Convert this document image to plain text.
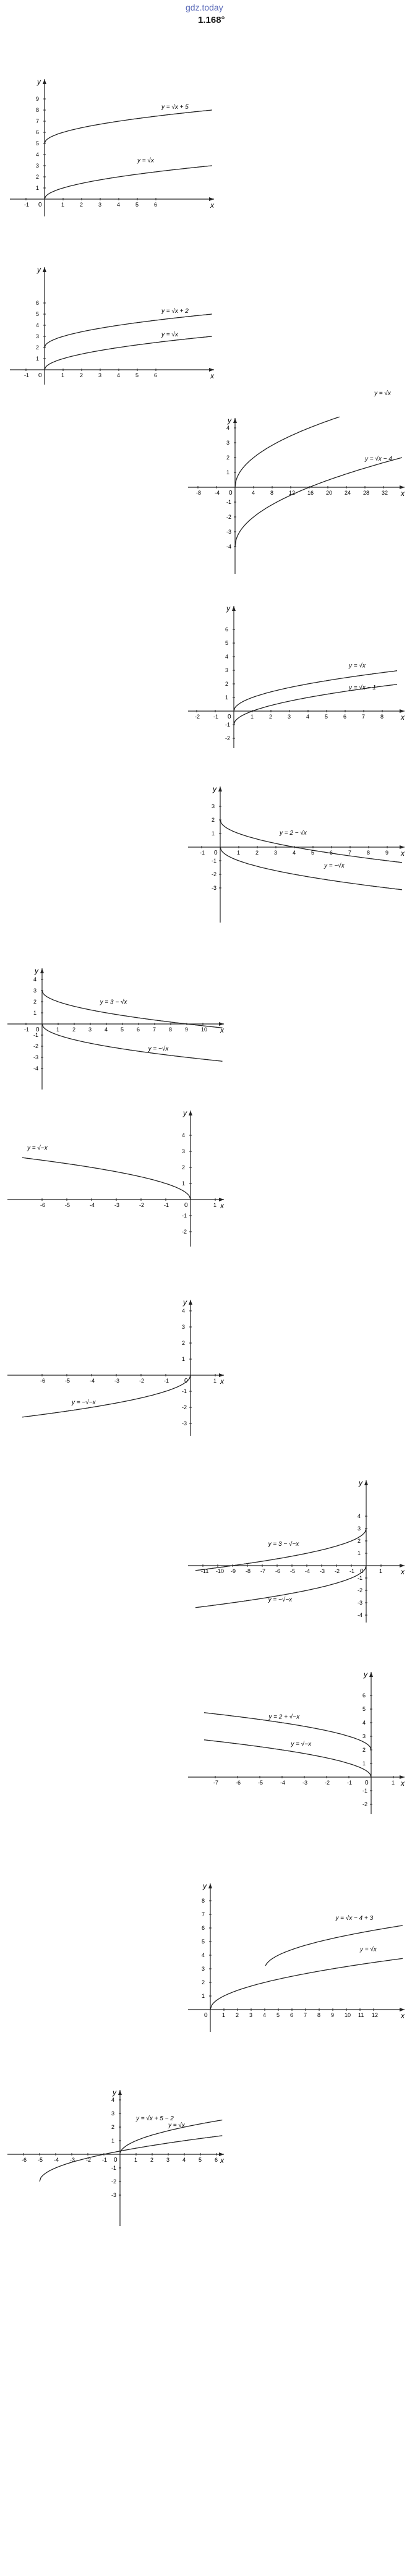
gdz.today
1.168°
x
y
0
-1	1	2	3	4	5	6
1
2
3
4
5
6
7
8
9
y = √x + 5
y = √x
x
y
0
-1	1	2	3	4	5	6
1
2
3
4
5
6
y = √x + 2
y = √x
x
y
0
-8 -4	4	8	12 16 20 24 28 32
-4
-3
-2
-1
1
2
3
4
y = √x
y = √x − 4
x
y
0
-2 -1	1	2	3	4	5	6	7	8
-2
-1
1
2
3
4
5
6
y = √x
y = √x − 1
x
y
0
-1	1	2	3	4	5	6	7	8	9
-3
-2
-1
1
2
3
y = 2 − √x
y = −√x
x
y
0
-1	1 2 3 4 5 6 7 8 9 10
-4
-3
-2
-1
1
2
3
4
y = 3 − √x
y = −√x
x
y
0
-6	-5	-4	-3	-2	-1	1
-2
-1
1
2
3
4
y = √−x
x
y
0
-6	-5	-4	-3	-2	-1	1
-3
-2
-1
1
2
3
4
y = −√−x
x
y
0
-11 -10 -9 -8 -7 -6 -5 -4 -3 -2 -1	1
-4
-3
-2
-1
1
2
3
4
y = 3 − √−x
y = −√−x
x
y
0
-7	-6	-5	-4	-3	-2	-1	1
-2
-1
1
2
3
4
5
6
y = 2 + √−x
y = √−x
x
y
0	1 2 3 4 5 6 7 8 9 10 11 12
1
2
3
4
5
6
7
8
y = √x − 4 + 3
y = √x
x
y
0
-6 -5 -4 -3 -2 -1	1 2 3 4 5 6
-3
-2
-1
1
2
3
4
y = √x + 5 − 2
y = √x
